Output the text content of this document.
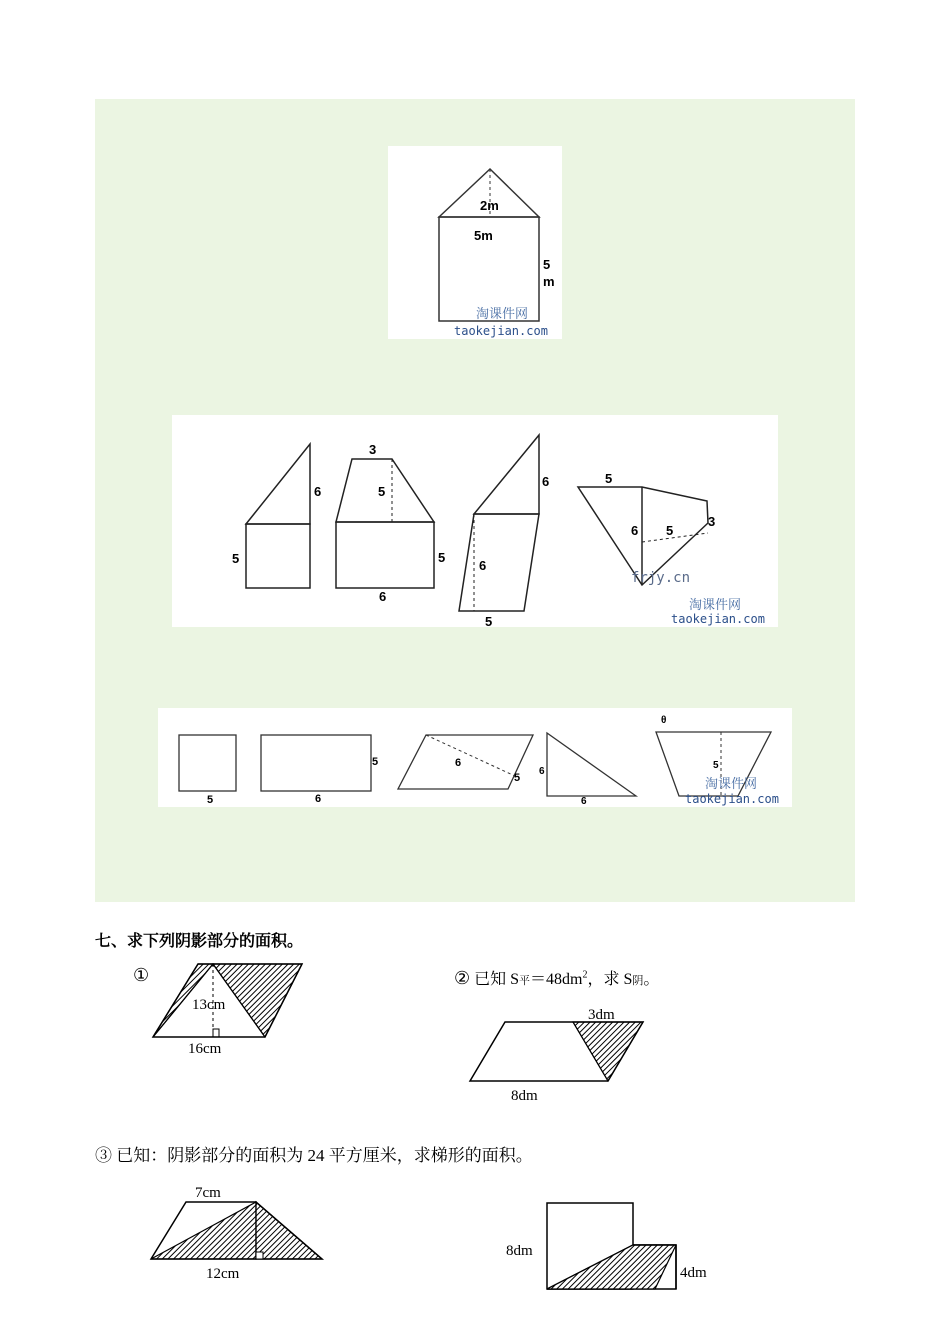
2m
5m
5
m
淘课件网
taokejian.com
6
5
3
5
5
6
6
6
5
5
6 5
3
frjy.cn
淘课件网
taokejian.com
5	6
5	6
5
6
6
5
θ
淘课件网
taokejian.com
七、求下列阴影部分的面积。
①
13cm
16cm
② 已知 S平$=48dm^2$，求 S阴。
3dm
8dm
③ 已知：阴影部分的面积为 24 平方厘米，求梯形的面积。
7cm
12cm
8dm
4dm
